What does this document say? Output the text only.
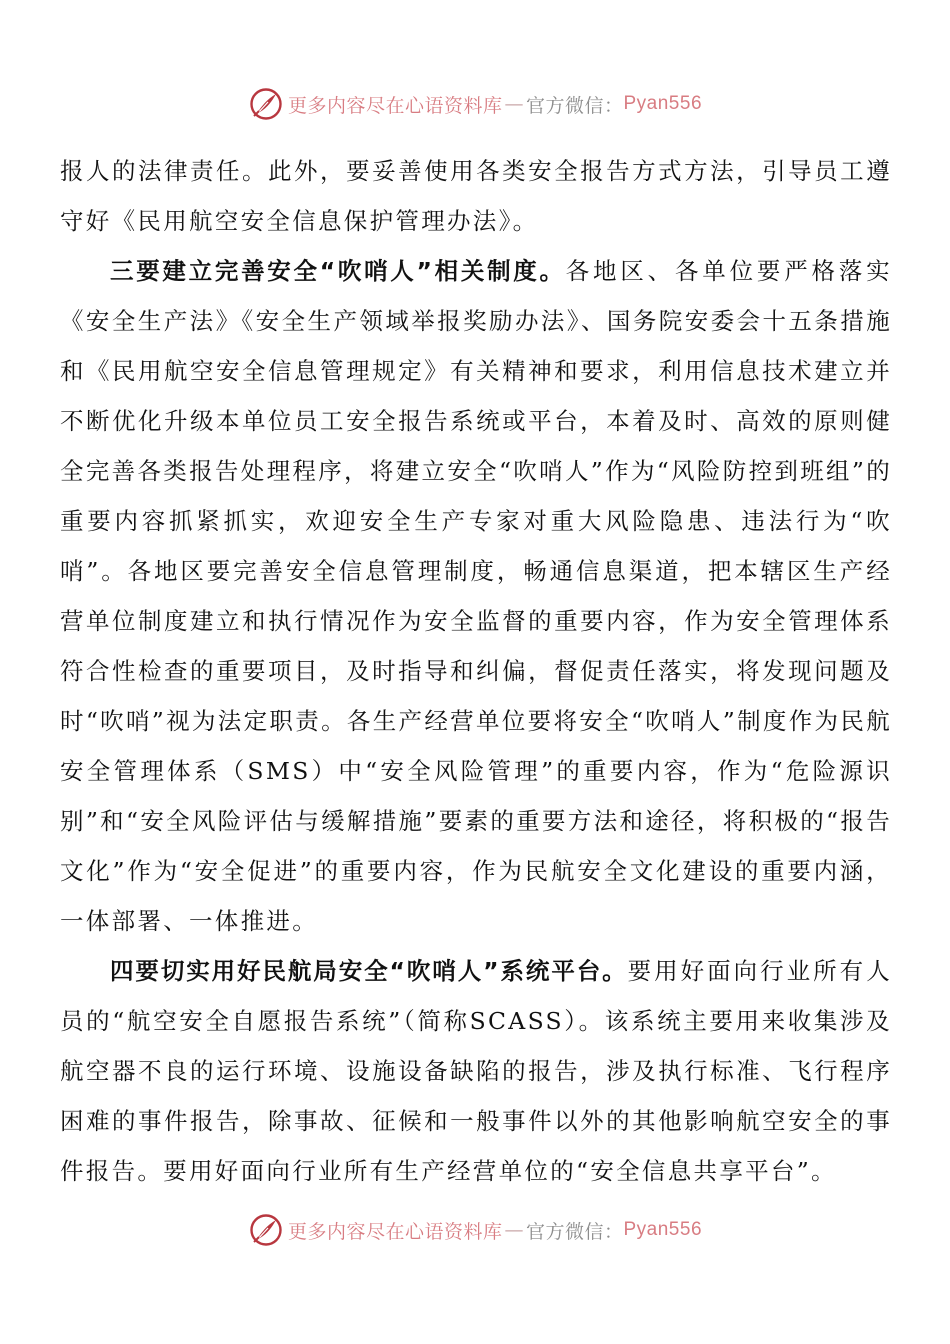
更多内容尽在心语资料库 — 官方微信： Pyan556

报人的法律责任。此外，要妥善使用各类安全报告方式方法，引导员工遵守好《民用航空安全信息保护管理办法》。

三要建立完善安全“吹哨人”相关制度。各地区、各单位要严格落实《安全生产法》《安全生产领域举报奖励办法》、国务院安委会十五条措施和《民用航空安全信息管理规定》有关精神和要求，利用信息技术建立并不断优化升级本单位员工安全报告系统或平台，本着及时、高效的原则健全完善各类报告处理程序，将建立安全“吹哨人”作为“风险防控到班组”的重要内容抓紧抓实，欢迎安全生产专家对重大风险隐患、违法行为“吹哨”。各地区要完善安全信息管理制度，畅通信息渠道，把本辖区生产经营单位制度建立和执行情况作为安全监督的重要内容，作为安全管理体系符合性检查的重要项目，及时指导和纠偏，督促责任落实，将发现问题及时“吹哨”视为法定职责。各生产经营单位要将安全“吹哨人”制度作为民航安全管理体系（SMS）中“安全风险管理”的重要内容，作为“危险源识别”和“安全风险评估与缓解措施”要素的重要方法和途径，将积极的“报告文化”作为“安全促进”的重要内容，作为民航安全文化建设的重要内涵，一体部署、一体推进。

四要切实用好民航局安全“吹哨人”系统平台。要用好面向行业所有人员的“航空安全自愿报告系统”（简称SCASS）。该系统主要用来收集涉及航空器不良的运行环境、设施设备缺陷的报告，涉及执行标准、飞行程序困难的事件报告，除事故、征候和一般事件以外的其他影响航空安全的事件报告。要用好面向行业所有生产经营单位的“安全信息共享平台”。

更多内容尽在心语资料库 — 官方微信： Pyan556
